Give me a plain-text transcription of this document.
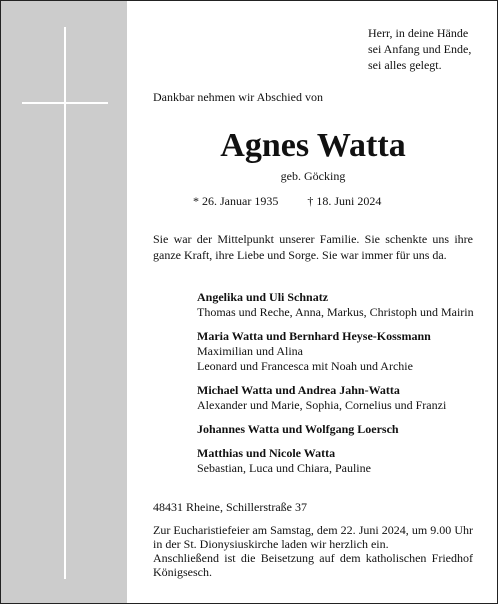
Herr, in deine Hände
sei Anfang und Ende,
sei alles gelegt.
Dankbar nehmen wir Abschied von
Agnes Watta
geb. Göcking
* 26. Januar 1935 † 18. Juni 2024
Sie war der Mittelpunkt unserer Familie. Sie schenkte uns ihre ganze Kraft, ihre Liebe und Sorge. Sie war immer für uns da.
Angelika und Uli Schnatz
Thomas und Reche, Anna, Markus, Christoph und Mairin
Maria Watta und Bernhard Heyse-Kossmann
Maximilian und Alina
Leonard und Francesca mit Noah und Archie
Michael Watta und Andrea Jahn-Watta
Alexander und Marie, Sophia, Cornelius und Franzi
Johannes Watta und Wolfgang Loersch
Matthias und Nicole Watta
Sebastian, Luca und Chiara, Pauline
48431 Rheine, Schillerstraße 37

Zur Eucharistiefeier am Samstag, dem 22. Juni 2024, um 9.00 Uhr in der St. Dionysiuskirche laden wir herzlich ein.

Anschließend ist die Beisetzung auf dem katholischen Friedhof Königsesch.
